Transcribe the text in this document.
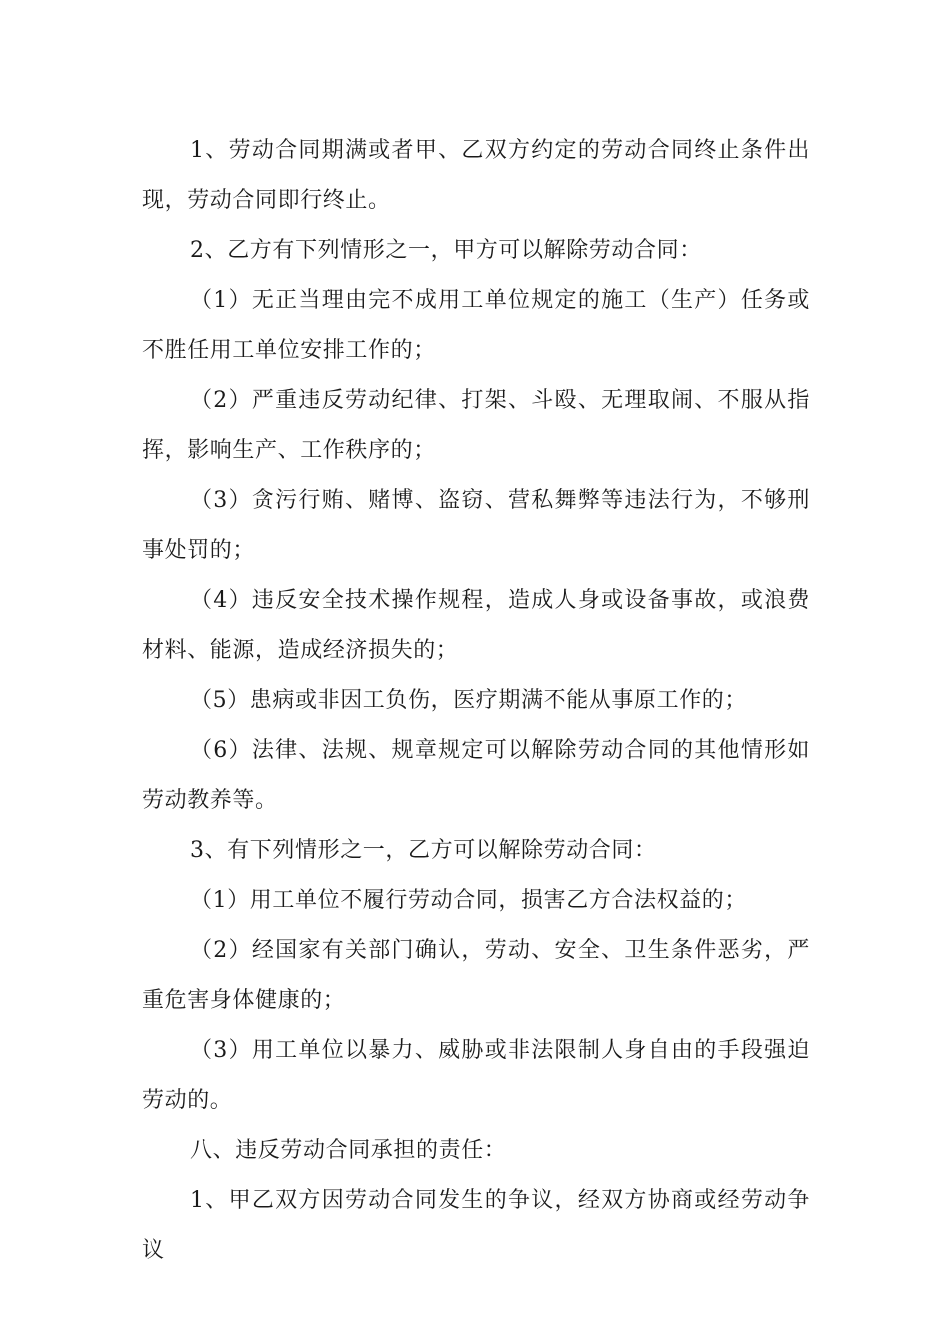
1、劳动合同期满或者甲、乙双方约定的劳动合同终止条件出现，劳动合同即行终止。

2、乙方有下列情形之一，甲方可以解除劳动合同：

（1）无正当理由完不成用工单位规定的施工（生产）任务或不胜任用工单位安排工作的；

（2）严重违反劳动纪律、打架、斗殴、无理取闹、不服从指挥，影响生产、工作秩序的；

（3）贪污行贿、赌博、盗窃、营私舞弊等违法行为，不够刑事处罚的；

（4）违反安全技术操作规程，造成人身或设备事故，或浪费材料、能源，造成经济损失的；

（5）患病或非因工负伤，医疗期满不能从事原工作的；

（6）法律、法规、规章规定可以解除劳动合同的其他情形如劳动教养等。

3、有下列情形之一，乙方可以解除劳动合同：

（1）用工单位不履行劳动合同，损害乙方合法权益的；

（2）经国家有关部门确认，劳动、安全、卫生条件恶劣，严重危害身体健康的；

（3）用工单位以暴力、威胁或非法限制人身自由的手段强迫劳动的。

八、违反劳动合同承担的责任：

1、甲乙双方因劳动合同发生的争议，经双方协商或经劳动争议
